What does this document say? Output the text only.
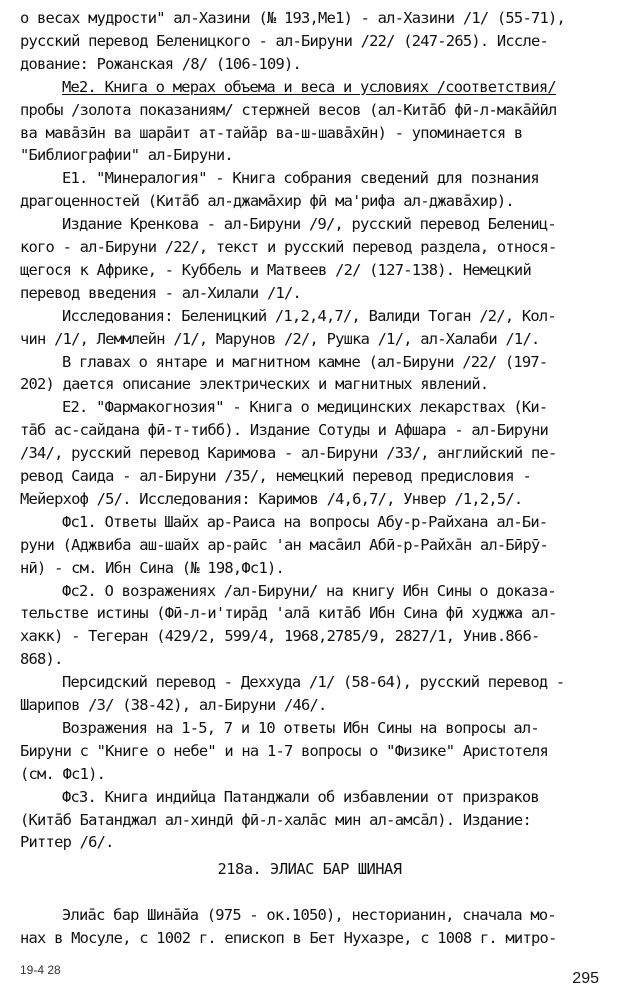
о весах мудрости" ал-Хазини (№ 193,Ме1) - ал-Хазини /1/ (55-71),
русский перевод Беленицкого - ал-Бируни /22/ (247-265). Иссле-
дование: Рожанская /8/ (106-109).
Ме2. Книга о мерах объема и веса и условиях /соответствия/
пробы /золота показаниям/ стержней весов (ал-Китāб фӣ-л-макāйӣл
ва мавāзӣн ва шарāит ат-тайāр ва-ш-шавāхӣн) - упоминается в
"Библиографии" ал-Бируни.
Е1. "Минералогия" - Книга собрания сведений для познания
драгоценностей (Китāб ал-джамāхир фӣ ма'рифа ал-джавāхир).
Издание Кренкова - ал-Бируни /9/, русский перевод Белениц-
кого - ал-Бируни /22/, текст и русский перевод раздела, относя-
щегося к Африке, - Куббель и Матвеев /2/ (127-138). Немецкий
перевод введения - ал-Хилали /1/.
Исследования: Беленицкий /1,2,4,7/, Валиди Тоган /2/, Кол-
чин /1/, Леммлейн /1/, Марунов /2/, Рушка /1/, ал-Халаби /1/.
В главах о янтаре и магнитном камне (ал-Бируни /22/ (197-
202) дается описание электрических и магнитных явлений.
Е2. "Фармакогнозия" - Книга о медицинских лекарствах (Ки-
тāб ас-сайдана фӣ-т-тибб). Издание Сотуды и Афшара - ал-Бируни
/34/, русский перевод Каримова - ал-Бируни /33/, английский пе-
ревод Саида - ал-Бируни /35/, немецкий перевод предисловия -
Мейерхоф /5/. Исследования: Каримов /4,6,7/, Унвер /1,2,5/.
Фс1. Ответы Шайх ар-Раиса на вопросы Абу-р-Райхана ал-Би-
руни (Аджвиба аш-шайх ар-раӣс 'ан масāил Абӣ-р-Райхāн ал-Бӣрӯ-
нӣ) - см. Ибн Сина (№ 198,Фс1).
Фс2. О возражениях /ал-Бируни/ на книгу Ибн Сины о доказа-
тельстве истины (Фӣ-л-и'тирāд 'алā китāб Ибн Сина фӣ худжжа ал-
хакк) - Тегеран (429/2, 599/4, 1968,2785/9, 2827/1, Унив.866-
868).
Персидский перевод - Деххуда /1/ (58-64), русский перевод -
Шарипов /3/ (38-42), ал-Бируни /46/.
Возражения на 1-5, 7 и 10 ответы Ибн Сины на вопросы ал-
Бируни с "Книге о небе" и на 1-7 вопросы о "Физике" Аристотеля
(см. Фс1).
Фс3. Книга индийца Патанджали об избавлении от призраков
(Китāб Батанджал ал-хиндӣ фӣ-л-халāс мин ал-амсāл). Издание:
Риттер /6/.
218а. ЭЛИАС БАР ШИНАЯ
Элиāс бар Шинāйа (975 - ок.1050), несторианин, сначала мо-
нах в Мосуле, с 1002 г. епископ в Бет Нухазре, с 1008 г. митро-
19-4 28	295
